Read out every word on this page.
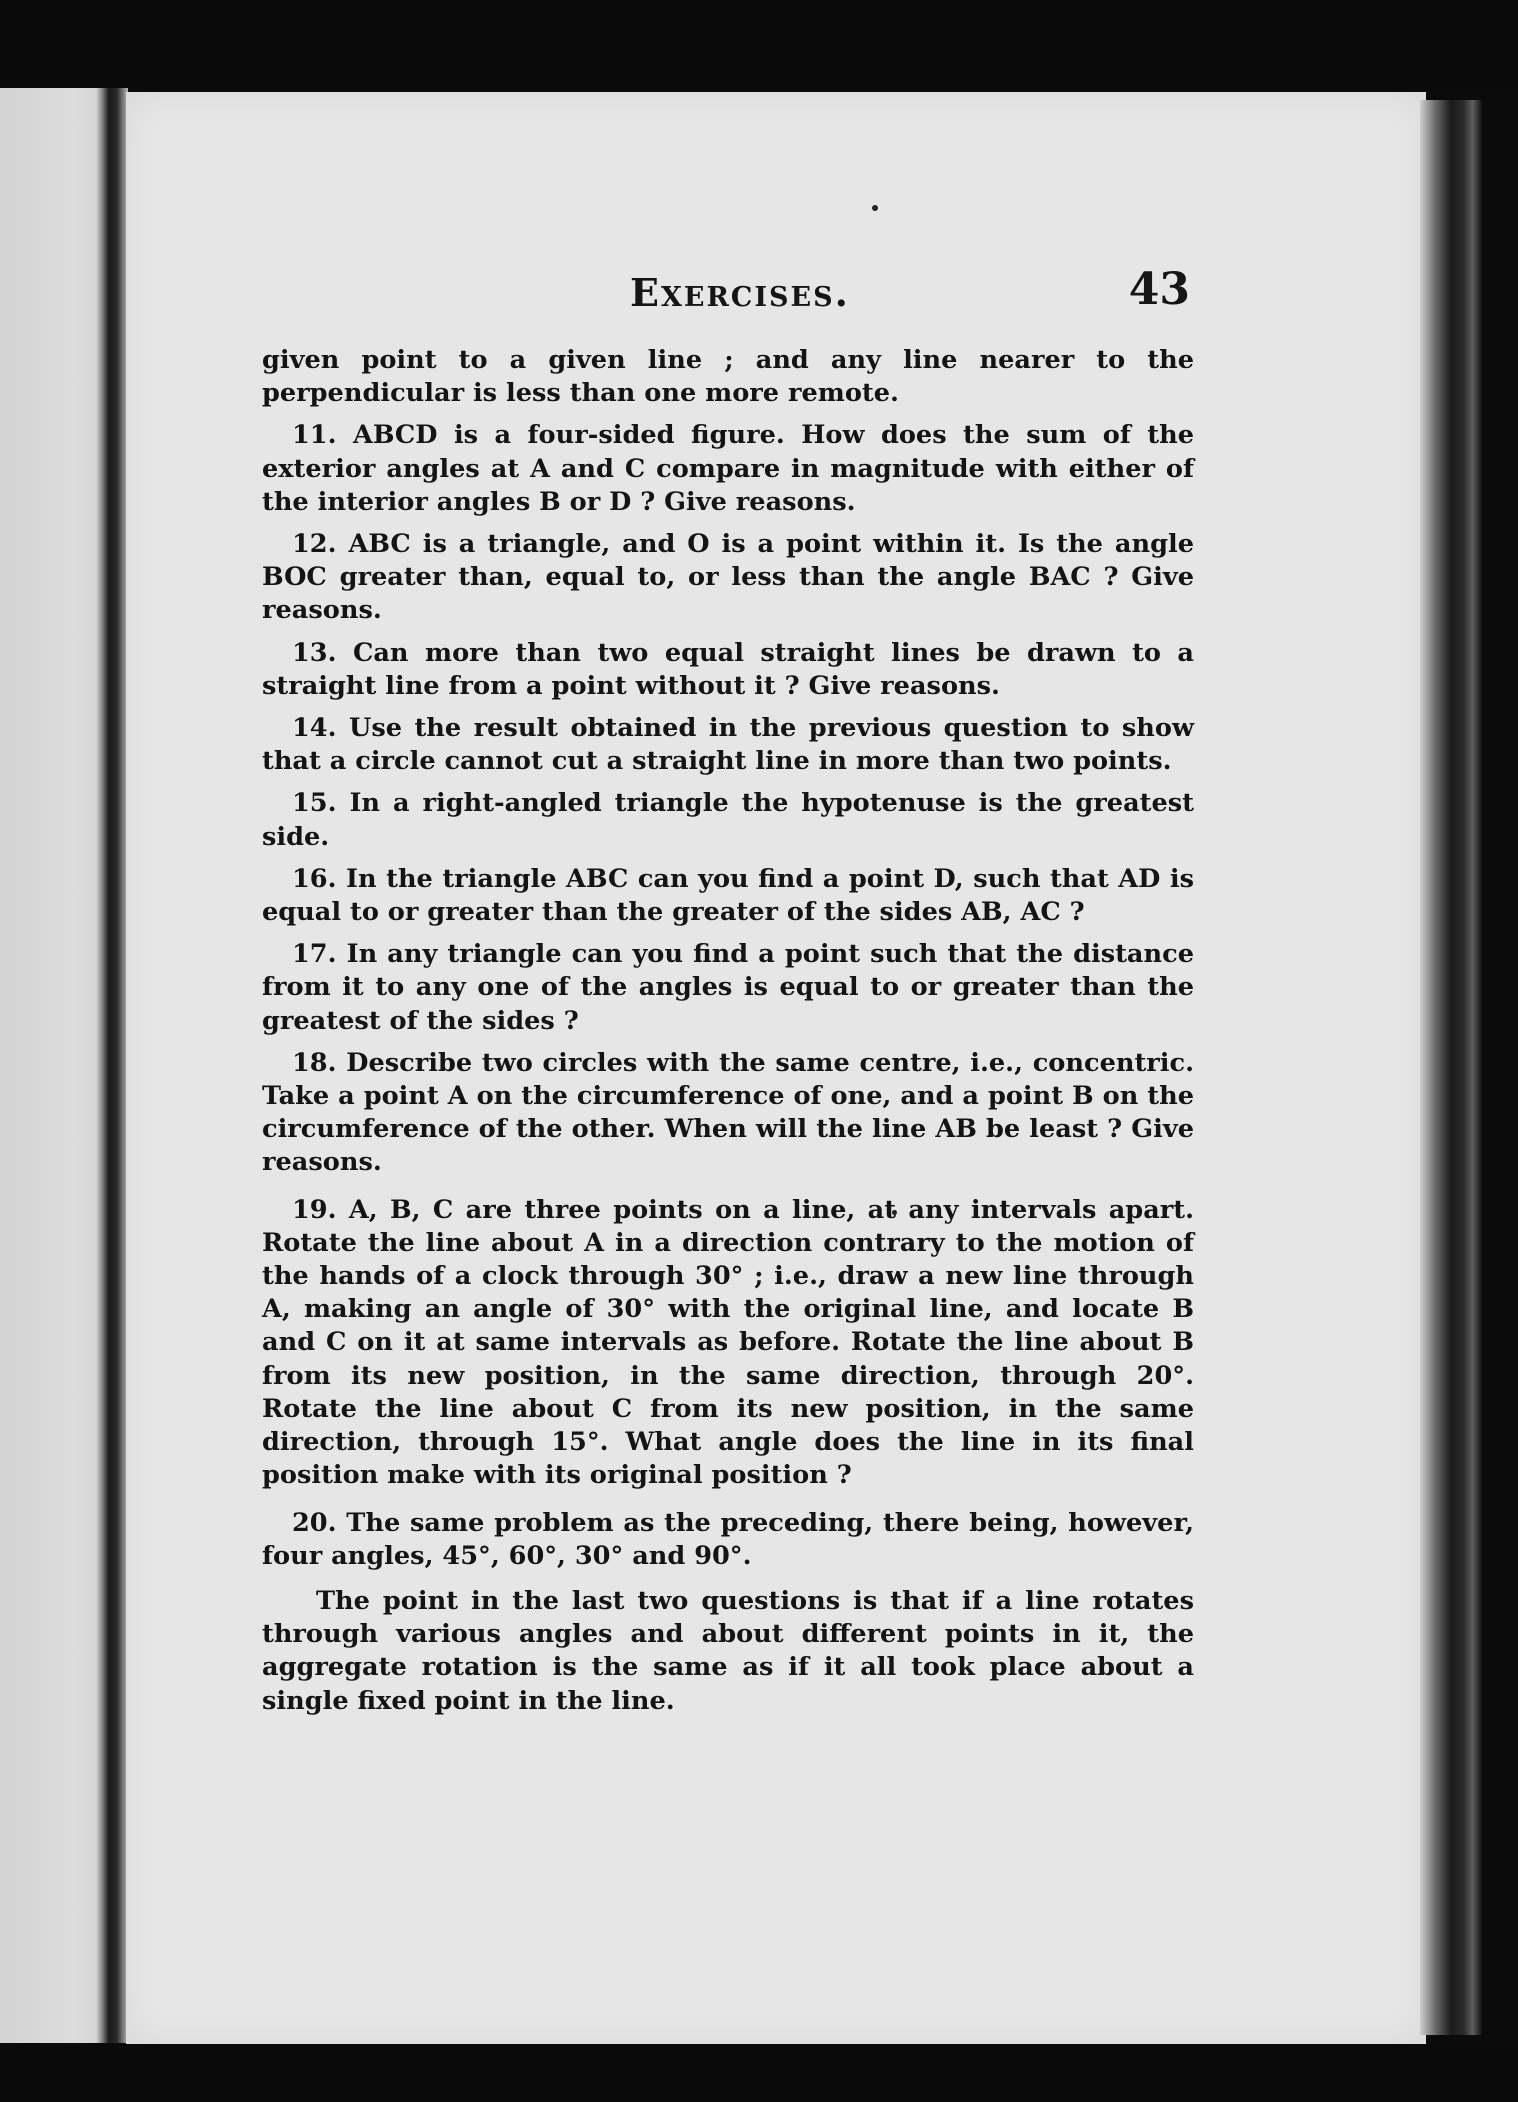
Exercises.	43

given point to a given line ; and any line nearer to the perpendicular is less than one more remote.

11. ABCD is a four-sided figure. How does the sum of the exterior angles at A and C compare in magnitude with either of the interior angles B or D ? Give reasons.

12. ABC is a triangle, and O is a point within it. Is the angle BOC greater than, equal to, or less than the angle BAC ? Give reasons.

13. Can more than two equal straight lines be drawn to a straight line from a point without it ? Give reasons.

14. Use the result obtained in the previous question to show that a circle cannot cut a straight line in more than two points.

15. In a right-angled triangle the hypotenuse is the greatest side.

16. In the triangle ABC can you find a point D, such that AD is equal to or greater than the greater of the sides AB, AC ?

17. In any triangle can you find a point such that the distance from it to any one of the angles is equal to or greater than the greatest of the sides ?

18. Describe two circles with the same centre, i.e., concentric. Take a point A on the circumference of one, and a point B on the circumference of the other. When will the line AB be least ? Give reasons.

19. A, B, C are three points on a line, at any intervals apart. Rotate the line about A in a direction contrary to the motion of the hands of a clock through 30° ; i.e., draw a new line through A, making an angle of 30° with the original line, and locate B and C on it at same intervals as before. Rotate the line about B from its new position, in the same direction, through 20°. Rotate the line about C from its new position, in the same direction, through 15°. What angle does the line in its final position make with its original position ?

20. The same problem as the preceding, there being, however, four angles, 45°, 60°, 30° and 90°.

The point in the last two questions is that if a line rotates through various angles and about different points in it, the aggregate rotation is the same as if it all took place about a single fixed point in the line.
